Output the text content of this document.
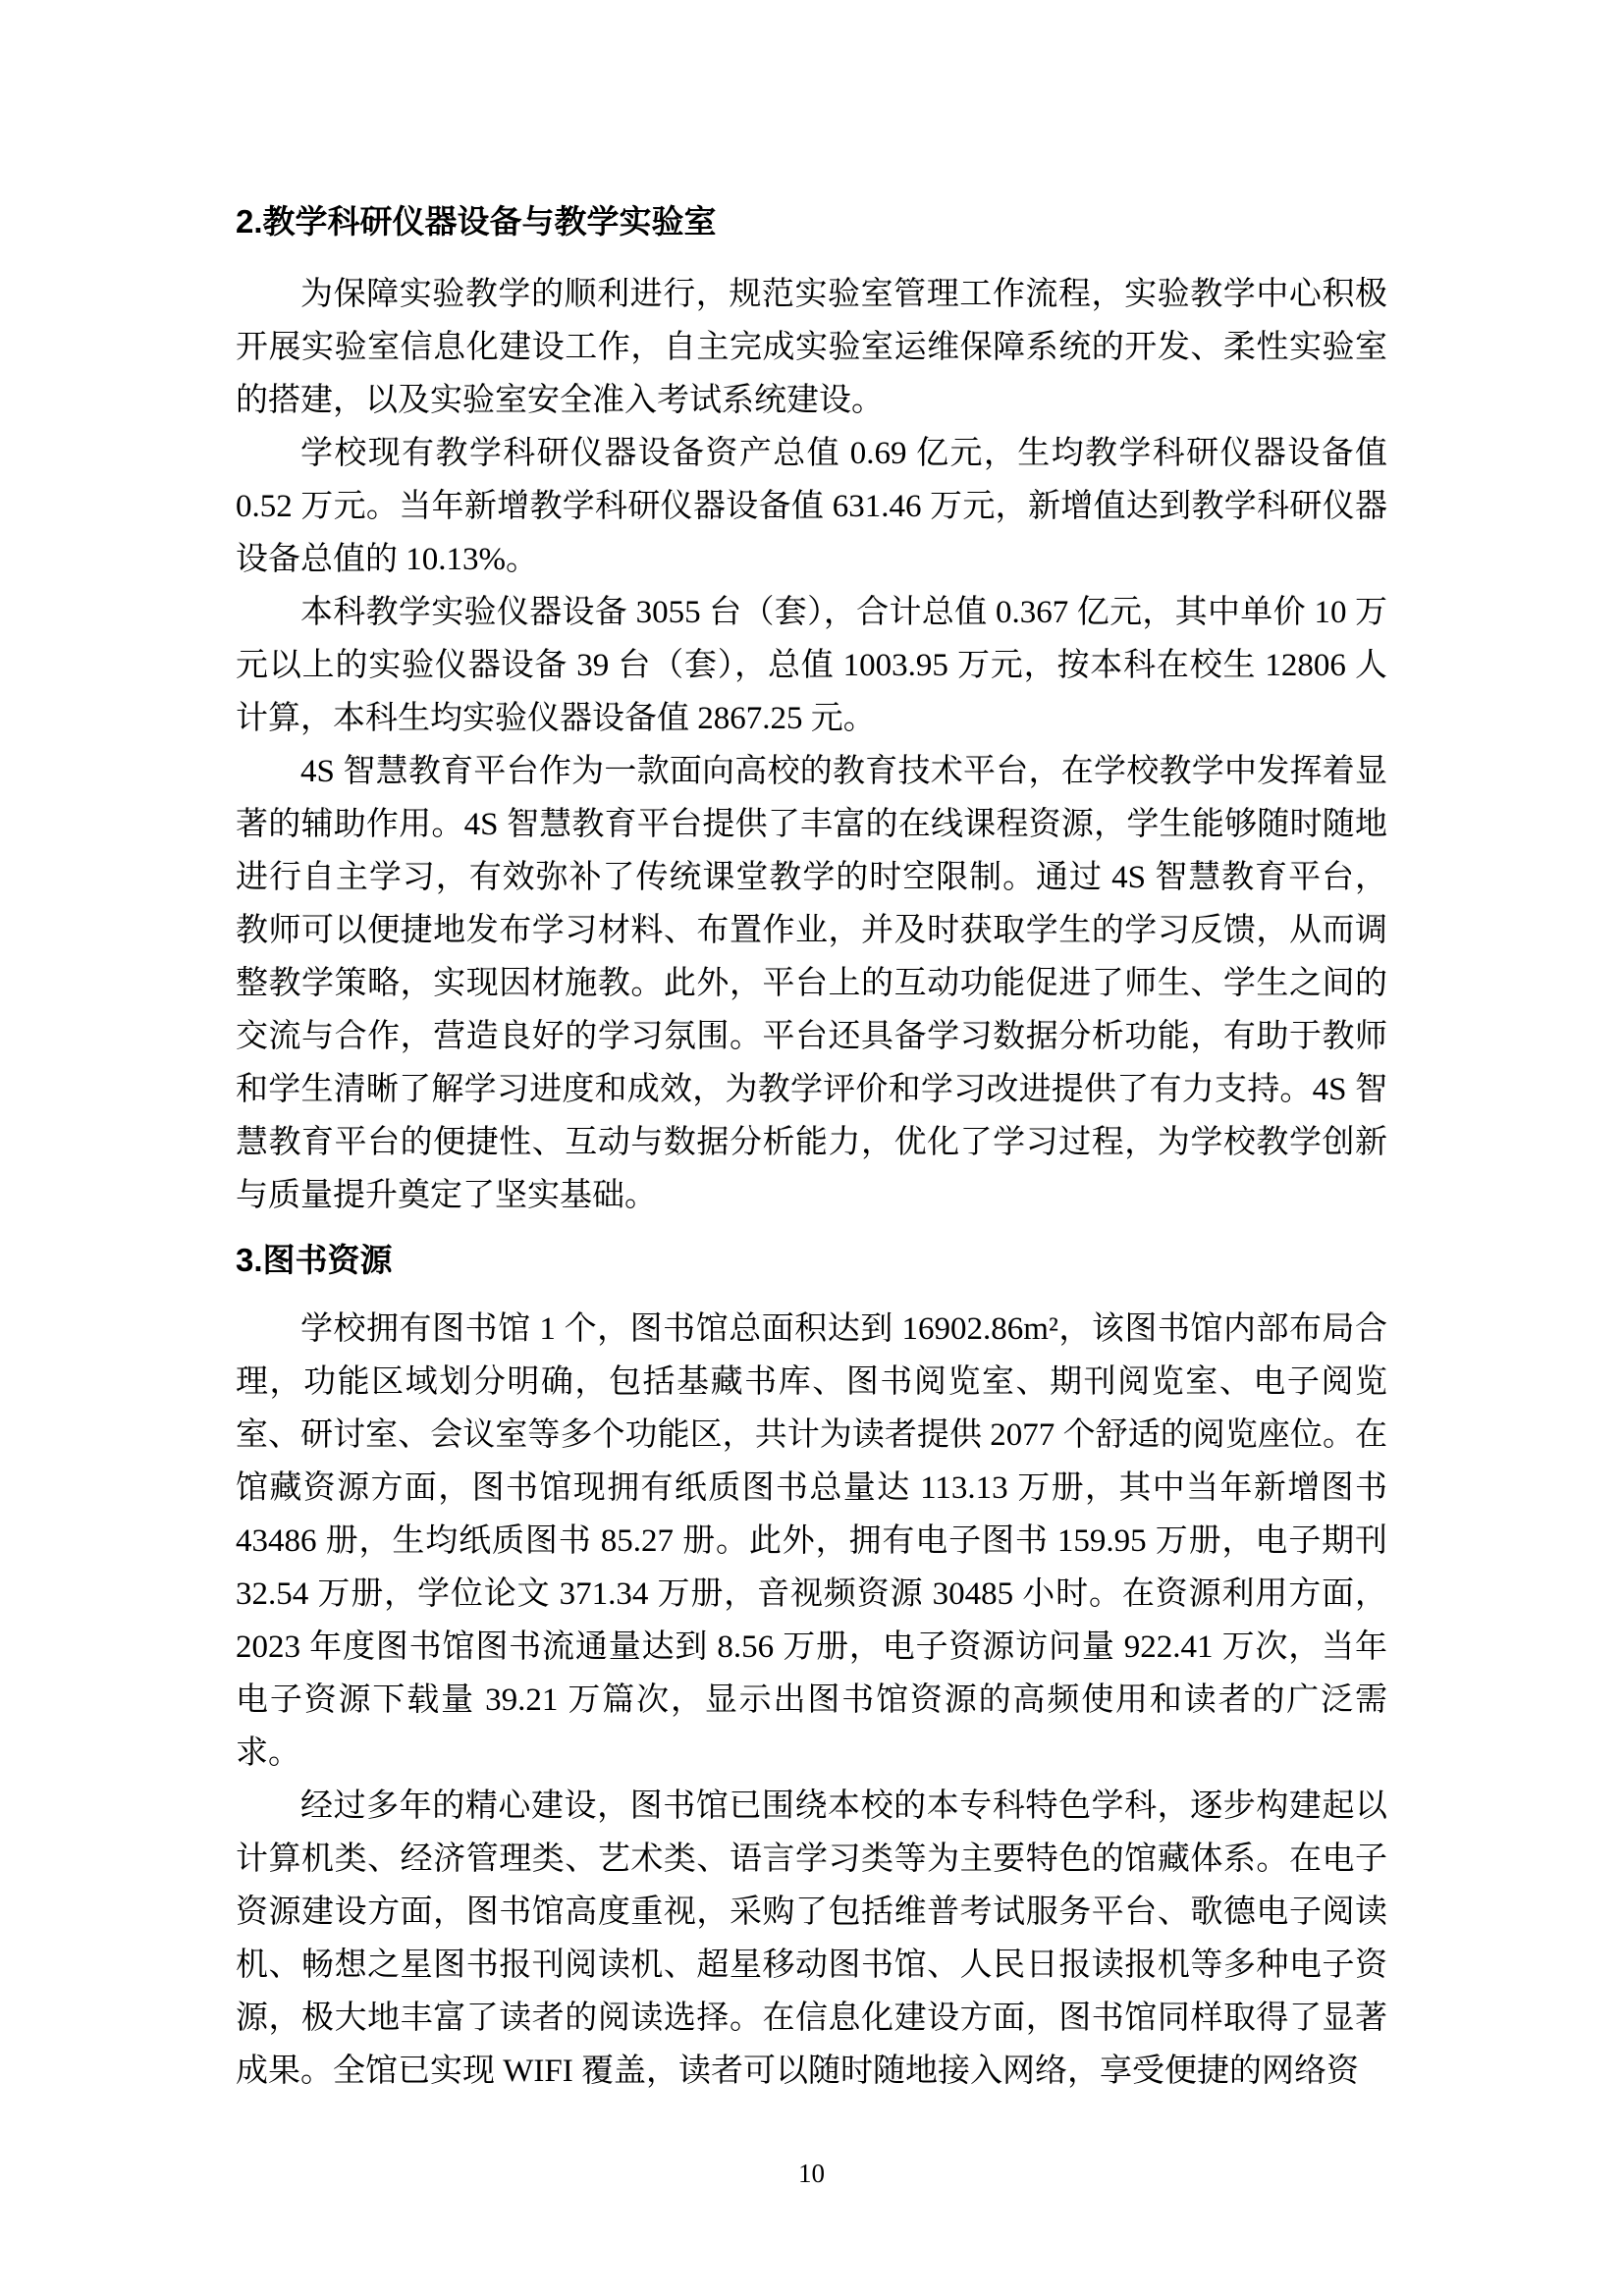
2.教学科研仪器设备与教学实验室

为保障实验教学的顺利进行，规范实验室管理工作流程，实验教学中心积极开展实验室信息化建设工作，自主完成实验室运维保障系统的开发、柔性实验室的搭建，以及实验室安全准入考试系统建设。

学校现有教学科研仪器设备资产总值 0.69 亿元，生均教学科研仪器设备值 0.52 万元。当年新增教学科研仪器设备值 631.46 万元，新增值达到教学科研仪器设备总值的 10.13%。

本科教学实验仪器设备 3055 台（套），合计总值 0.367 亿元，其中单价 10 万元以上的实验仪器设备 39 台（套），总值 1003.95 万元，按本科在校生 12806 人计算，本科生均实验仪器设备值 2867.25 元。

4S 智慧教育平台作为一款面向高校的教育技术平台，在学校教学中发挥着显著的辅助作用。4S 智慧教育平台提供了丰富的在线课程资源，学生能够随时随地进行自主学习，有效弥补了传统课堂教学的时空限制。通过 4S 智慧教育平台，教师可以便捷地发布学习材料、布置作业，并及时获取学生的学习反馈，从而调整教学策略，实现因材施教。此外，平台上的互动功能促进了师生、学生之间的交流与合作，营造良好的学习氛围。平台还具备学习数据分析功能，有助于教师和学生清晰了解学习进度和成效，为教学评价和学习改进提供了有力支持。4S 智慧教育平台的便捷性、互动与数据分析能力，优化了学习过程，为学校教学创新与质量提升奠定了坚实基础。

3.图书资源

学校拥有图书馆 1 个，图书馆总面积达到 16902.86m²，该图书馆内部布局合理，功能区域划分明确，包括基藏书库、图书阅览室、期刊阅览室、电子阅览室、研讨室、会议室等多个功能区，共计为读者提供 2077 个舒适的阅览座位。在馆藏资源方面，图书馆现拥有纸质图书总量达 113.13 万册，其中当年新增图书 43486 册，生均纸质图书 85.27 册。此外，拥有电子图书 159.95 万册，电子期刊 32.54 万册，学位论文 371.34 万册，音视频资源 30485 小时。在资源利用方面，2023 年度图书馆图书流通量达到 8.56 万册，电子资源访问量 922.41 万次，当年电子资源下载量 39.21 万篇次，显示出图书馆资源的高频使用和读者的广泛需求。

经过多年的精心建设，图书馆已围绕本校的本专科特色学科，逐步构建起以计算机类、经济管理类、艺术类、语言学习类等为主要特色的馆藏体系。在电子资源建设方面，图书馆高度重视，采购了包括维普考试服务平台、歌德电子阅读机、畅想之星图书报刊阅读机、超星移动图书馆、人民日报读报机等多种电子资源，极大地丰富了读者的阅读选择。在信息化建设方面，图书馆同样取得了显著成果。全馆已实现 WIFI 覆盖，读者可以随时随地接入网络，享受便捷的网络资

10
